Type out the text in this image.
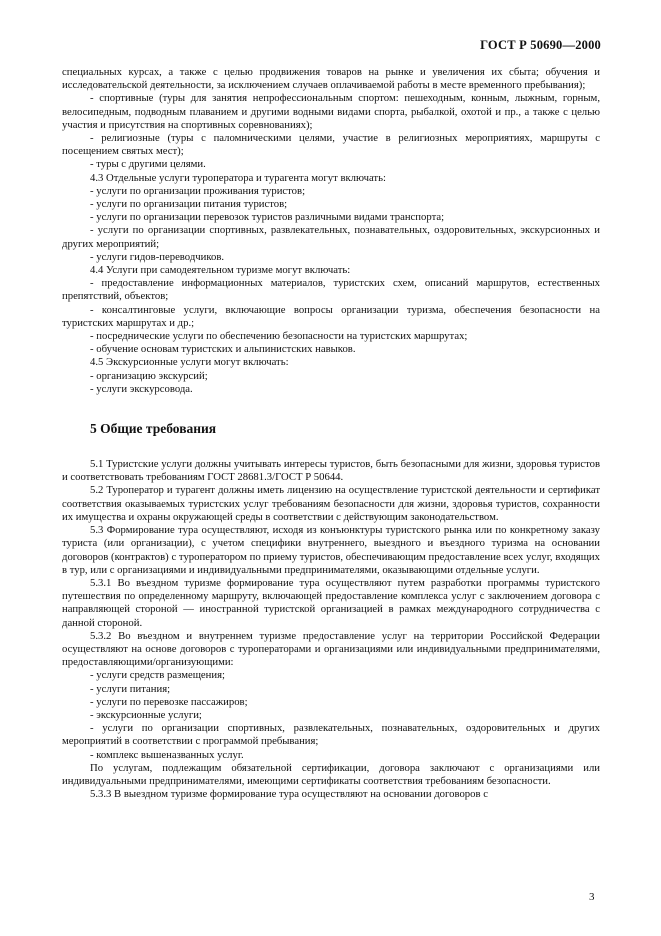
ГОСТ Р 50690—2000

специальных курсах, а также с целью продвижения товаров на рынке и увеличения их сбыта; обучения и исследовательской деятельности, за исключением случаев оплачиваемой работы в месте временного пребывания);

- спортивные (туры для занятия непрофессиональным спортом: пешеходным, конным, лыжным, горным, велосипедным, подводным плаванием и другими водными видами спорта, рыбалкой, охотой и пр., а также с целью участия и присутствия на спортивных соревнованиях);

- религиозные (туры с паломническими целями, участие в религиозных мероприятиях, маршруты с посещением святых мест);

- туры с другими целями.

4.3 Отдельные услуги туроператора и турагента могут включать:

- услуги по организации проживания туристов;

- услуги по организации питания туристов;

- услуги по организации перевозок туристов различными видами транспорта;

- услуги по организации спортивных, развлекательных, познавательных, оздоровительных, экскурсионных и других мероприятий;

- услуги гидов-переводчиков.

4.4 Услуги при самодеятельном туризме могут включать:

- предоставление информационных материалов, туристских схем, описаний маршрутов, естественных препятствий, объектов;

- консалтинговые услуги, включающие вопросы организации туризма, обеспечения безопасности на туристских маршрутах и др.;

- посреднические услуги по обеспечению безопасности на туристских маршрутах;

- обучение основам туристских и альпинистских навыков.

4.5 Экскурсионные услуги могут включать:

- организацию экскурсий;

- услуги экскурсовода.

5 Общие требования

5.1 Туристские услуги должны учитывать интересы туристов, быть безопасными для жизни, здоровья туристов и соответствовать требованиям ГОСТ 28681.3/ГОСТ Р 50644.

5.2 Туроператор и турагент должны иметь лицензию на осуществление туристской деятельности и сертификат соответствия оказываемых туристских услуг требованиям безопасности для жизни, здоровья туристов, сохранности их имущества и охраны окружающей среды в соответствии с действующим законодательством.

5.3 Формирование тура осуществляют, исходя из конъюнктуры туристского рынка или по конкретному заказу туриста (или организации), с учетом специфики внутреннего, выездного и въездного туризма на основании договоров (контрактов) с туроператором по приему туристов, обеспечивающим предоставление всех услуг, входящих в тур, или с организациями и индивидуальными предпринимателями, оказывающими отдельные услуги.

5.3.1 Во въездном туризме формирование тура осуществляют путем разработки программы туристского путешествия по определенному маршруту, включающей предоставление комплекса услуг с заключением договора с направляющей стороной — иностранной туристской организацией в рамках международного сотрудничества с данной стороной.

5.3.2 Во въездном и внутреннем туризме предоставление услуг на территории Российской Федерации осуществляют на основе договоров с туроператорами и организациями или индивидуальными предпринимателями, предоставляющими/организующими:

- услуги средств размещения;

- услуги питания;

- услуги по перевозке пассажиров;

- экскурсионные услуги;

- услуги по организации спортивных, развлекательных, познавательных, оздоровительных и других мероприятий в соответствии с программой пребывания;

- комплекс вышеназванных услуг.

По услугам, подлежащим обязательной сертификации, договора заключают с организациями или индивидуальными предпринимателями, имеющими сертификаты соответствия требованиям безопасности.

5.3.3 В выездном туризме формирование тура осуществляют на основании договоров с

3
